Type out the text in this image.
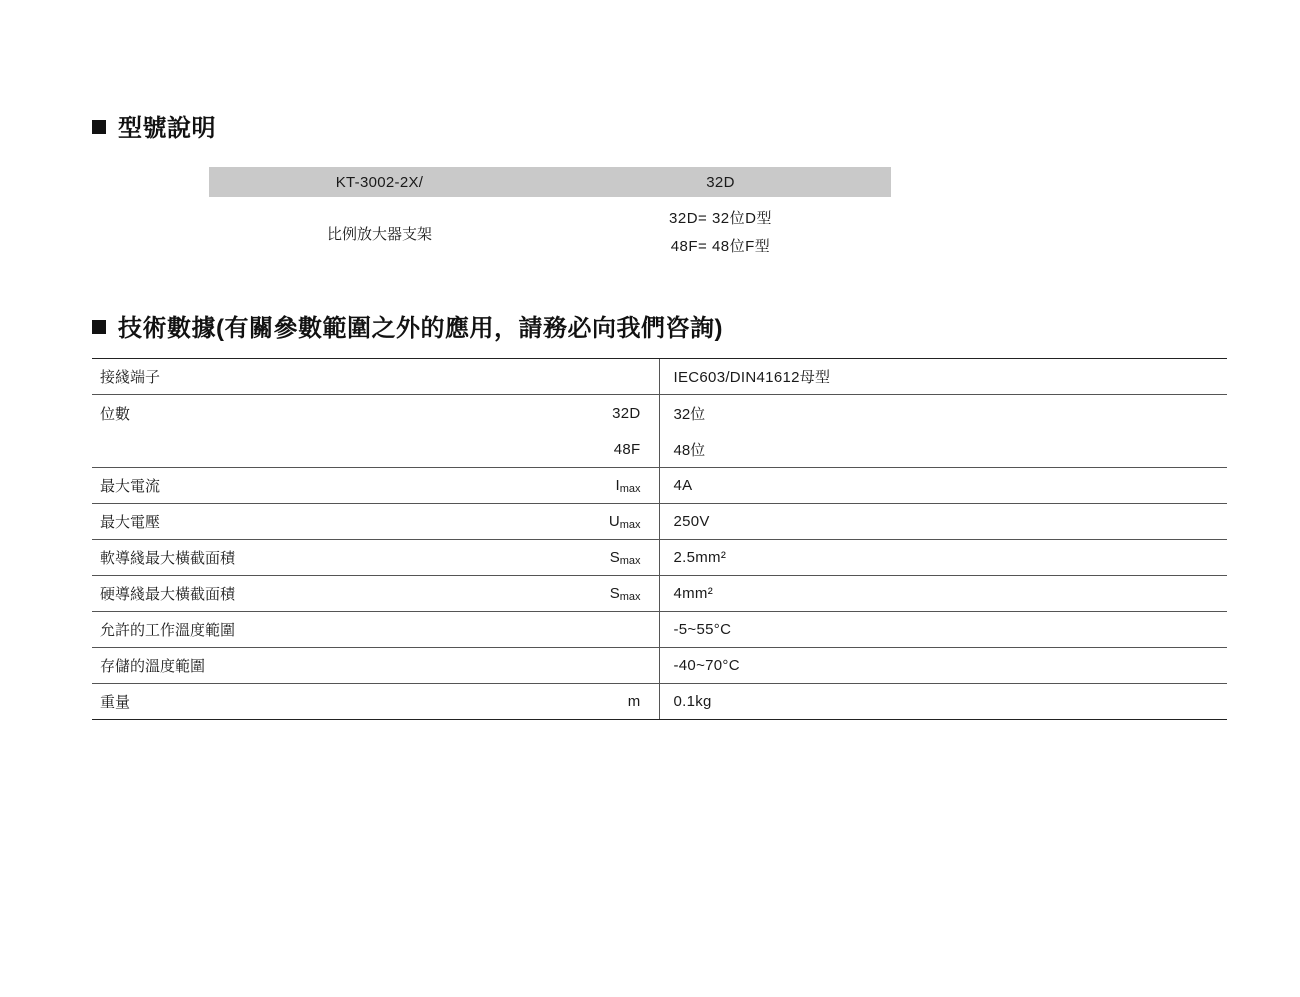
型號說明
KT-3002-2X/	32D
比例放大器支架	32D= 32位D型
48F= 48位F型
技術數據(有關參數範圍之外的應用，請務必向我們咨詢)
接綫端子		IEC603/DIN41612母型
位數	32D	32位
	48F	48位
最大電流	Imax	4A
最大電壓	Umax	250V
軟導綫最大橫截面積	Smax	2.5mm²
硬導綫最大橫截面積	Smax	4mm²
允許的工作溫度範圍		-5~55°C
存儲的溫度範圍		-40~70°C
重量	m	0.1kg
